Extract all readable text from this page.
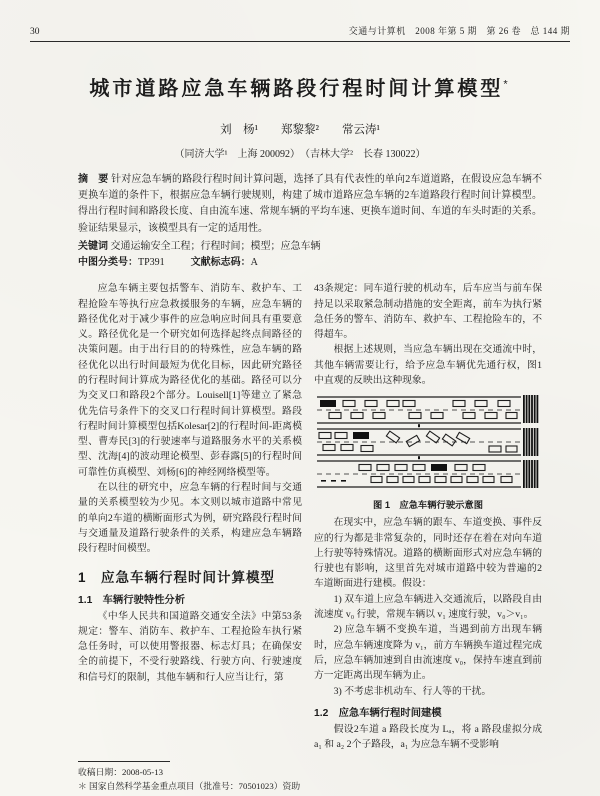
30	交通与计算机　2008 年第 5 期　第 26 卷　总 144 期
城市道路应急车辆路段行程时间计算模型*
刘　杨¹　　郑黎黎²　　常云涛¹
（同济大学¹　上海 200092）　（吉林大学²　长春 130022）

摘　要 针对应急车辆的路段行程时间计算问题，选择了具有代表性的单向2车道道路，在假设应急车辆不更换车道的条件下，根据应急车辆行驶规则，构建了城市道路应急车辆的2车道路段行程时间计算模型。得出行程时间和路段长度、自由流车速、常规车辆的平均车速、更换车道时间、车道的车头时距的关系。验证结果显示，该模型具有一定的适用性。

关键词 交通运输安全工程；行程时间；模型；应急车辆

中图分类号：TP391	文献标志码：A

应急车辆主要包括警车、消防车、救护车、工程抢险车等执行应急救援服务的车辆，应急车辆的路径优化对于减少事件的应急响应时间具有重要意义。路径优化是一个研究如何选择起终点间路径的决策问题。由于出行目的的特殊性，应急车辆的路径优化以出行时间最短为优化目标，因此研究路径的行程时间计算成为路径优化的基础。路径可以分为交叉口和路段2个部分。Louisell[1]等建立了紧急优先信号条件下的交叉口行程时间计算模型。路段行程时间计算模型包括Kolesar[2]的行程时间-距离模型、曹寿民[3]的行驶速率与道路服务水平的关系模型、沈海[4]的波动理论模型、彭春露[5]的行程时间可靠性仿真模型、刘杨[6]的神经网络模型等。

在以往的研究中，应急车辆的行程时间与交通量的关系模型较为少见。本文则以城市道路中常见的单向2车道的横断面形式为例，研究路段行程时间与交通量及道路行驶条件的关系，构建应急车辆路段行程时间模型。

1　应急车辆行程时间计算模型
1.1　车辆行驶特性分析

《中华人民共和国道路交通安全法》中第53条规定：警车、消防车、救护车、工程抢险车执行紧急任务时，可以使用警报器、标志灯具；在确保安全的前提下，不受行驶路线、行驶方向、行驶速度和信号灯的限制，其他车辆和行人应当让行，第

43条规定：同车道行驶的机动车，后车应当与前车保持足以采取紧急制动措施的安全距离，前车为执行紧急任务的警车、消防车、救护车、工程抢险车的，不得超车。

根据上述规则，当应急车辆出现在交通流中时，其他车辆需要让行，给予应急车辆优先通行权，图1中直观的反映出这种现象。

图 1　应急车辆行驶示意图

在现实中，应急车辆的跟车、车道变换、事件反应的行为都是非常复杂的，同时还存在着在对向车道上行驶等特殊情况。道路的横断面形式对应急车辆的行驶也有影响，这里首先对城市道路中较为普遍的2车道断面进行建模。假设：

1) 双车道上应急车辆进入交通流后，以路段自由流速度 v₀ 行驶，常规车辆以 v₁ 速度行驶，v₀＞v₁。

2) 应急车辆不变换车道，当遇到前方出现车辆时，应急车辆速度降为 v₁，前方车辆换车道过程完成后，应急车辆加速到自由流速度 v₀，保持车速直到前方一定距离出现车辆为止。

3) 不考虑非机动车、行人等的干扰。

1.2　应急车辆行程时间建模

假设2车道 a 路段长度为 Lₐ，将 a 路段虚拟分成 a₁ 和 a₂ 2个子路段，a₁ 为应急车辆不受影响

收稿日期：2008-05-13
＊ 国家自然科学基金重点项目（批准号：70501023）资助
